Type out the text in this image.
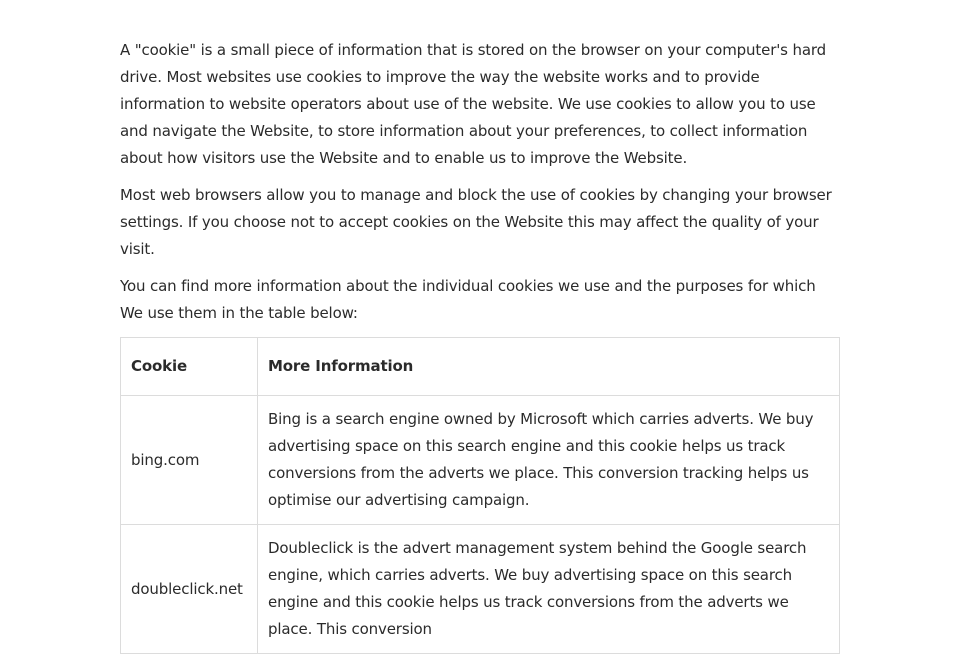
A "cookie" is a small piece of information that is stored on the browser on your computer's hard drive. Most websites use cookies to improve the way the website works and to provide information to website operators about use of the website. We use cookies to allow you to use and navigate the Website, to store information about your preferences, to collect information about how visitors use the Website and to enable us to improve the Website.

Most web browsers allow you to manage and block the use of cookies by changing your browser settings. If you choose not to accept cookies on the Website this may affect the quality of your visit.

You can find more information about the individual cookies we use and the purposes for which We use them in the table below:

Cookie	More Information
bing.com	Bing is a search engine owned by Microsoft which carries adverts. We buy advertising space on this search engine and this cookie helps us track conversions from the adverts we place. This conversion tracking helps us optimise our advertising campaign.
doubleclick.net	Doubleclick is the advert management system behind the Google search engine, which carries adverts. We buy advertising space on this search engine and this cookie helps us track conversions from the adverts we place. This conversion
